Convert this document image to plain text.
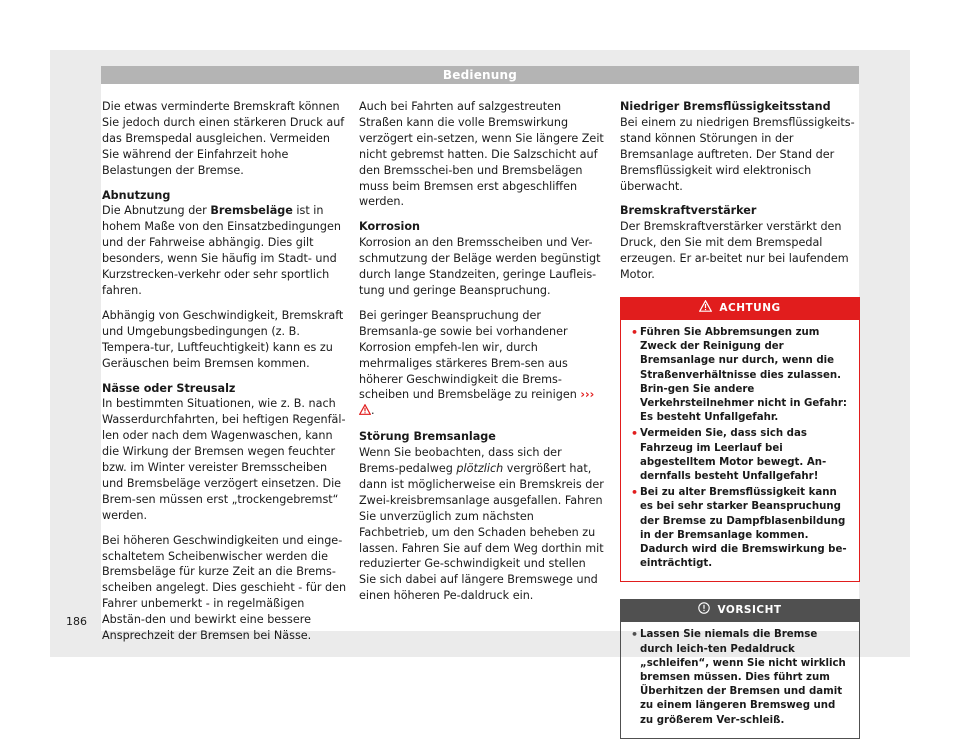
Bedienung

Die etwas verminderte Bremskraft können Sie jedoch durch einen stärkeren Druck auf das Bremspedal ausgleichen. Vermeiden Sie während der Einfahrzeit hohe Belastungen der Bremse.

Abnutzung

Die Abnutzung der Bremsbeläge ist in hohem Maße von den Einsatzbedingungen und der Fahrweise abhängig. Dies gilt besonders, wenn Sie häufig im Stadt- und Kurzstrecken-verkehr oder sehr sportlich fahren.

Abhängig von Geschwindigkeit, Bremskraft und Umgebungsbedingungen (z. B. Tempera-tur, Luftfeuchtigkeit) kann es zu Geräuschen beim Bremsen kommen.

Nässe oder Streusalz

In bestimmten Situationen, wie z. B. nach Wasserdurchfahrten, bei heftigen Regenfäl-len oder nach dem Wagenwaschen, kann die Wirkung der Bremsen wegen feuchter bzw. im Winter vereister Bremsscheiben und Bremsbeläge verzögert einsetzen. Die Brem-sen müssen erst „trockengebremst“ werden.

Bei höheren Geschwindigkeiten und einge-schaltetem Scheibenwischer werden die Bremsbeläge für kurze Zeit an die Brems-scheiben angelegt. Dies geschieht - für den Fahrer unbemerkt - in regelmäßigen Abstän-den und bewirkt eine bessere Ansprechzeit der Bremsen bei Nässe.

Auch bei Fahrten auf salzgestreuten Straßen kann die volle Bremswirkung verzögert ein-setzen, wenn Sie längere Zeit nicht gebremst hatten. Die Salzschicht auf den Bremsschei-ben und Bremsbelägen muss beim Bremsen erst abgeschliffen werden.

Korrosion

Korrosion an den Bremsscheiben und Ver-schmutzung der Beläge werden begünstigt durch lange Standzeiten, geringe Laufleis-tung und geringe Beanspruchung.

Bei geringer Beanspruchung der Bremsanla-ge sowie bei vorhandener Korrosion empfeh-len wir, durch mehrmaliges stärkeres Brem-sen aus höherer Geschwindigkeit die Brems-scheiben und Bremsbeläge zu reinigen ››› .

Störung Bremsanlage

Wenn Sie beobachten, dass sich der Brems-pedalweg plötzlich vergrößert hat, dann ist möglicherweise ein Bremskreis der Zwei-kreisbremsanlage ausgefallen. Fahren Sie unverzüglich zum nächsten Fachbetrieb, um den Schaden beheben zu lassen. Fahren Sie auf dem Weg dorthin mit reduzierter Ge-schwindigkeit und stellen Sie sich dabei auf längere Bremswege und einen höheren Pe-daldruck ein.

Niedriger Bremsflüssigkeitsstand

Bei einem zu niedrigen Bremsflüssigkeits-stand können Störungen in der Bremsanlage auftreten. Der Stand der Bremsflüssigkeit wird elektronisch überwacht.

Bremskraftverstärker

Der Bremskraftverstärker verstärkt den Druck, den Sie mit dem Bremspedal erzeugen. Er ar-beitet nur bei laufendem Motor.

ACHTUNG
• Führen Sie Abbremsungen zum Zweck der Reinigung der Bremsanlage nur durch, wenn die Straßenverhältnisse dies zulassen. Brin-gen Sie andere Verkehrsteilnehmer nicht in Gefahr: Es besteht Unfallgefahr.
• Vermeiden Sie, dass sich das Fahrzeug im Leerlauf bei abgestelltem Motor bewegt. An-dernfalls besteht Unfallgefahr!
• Bei zu alter Bremsflüssigkeit kann es bei sehr starker Beanspruchung der Bremse zu Dampfblasenbildung in der Bremsanlage kommen. Dadurch wird die Bremswirkung be-einträchtigt.
VORSICHT
• Lassen Sie niemals die Bremse durch leich-ten Pedaldruck „schleifen“, wenn Sie nicht wirklich bremsen müssen. Dies führt zum Überhitzen der Bremsen und damit zu einem längeren Bremsweg und zu größerem Ver-schleiß.
186
